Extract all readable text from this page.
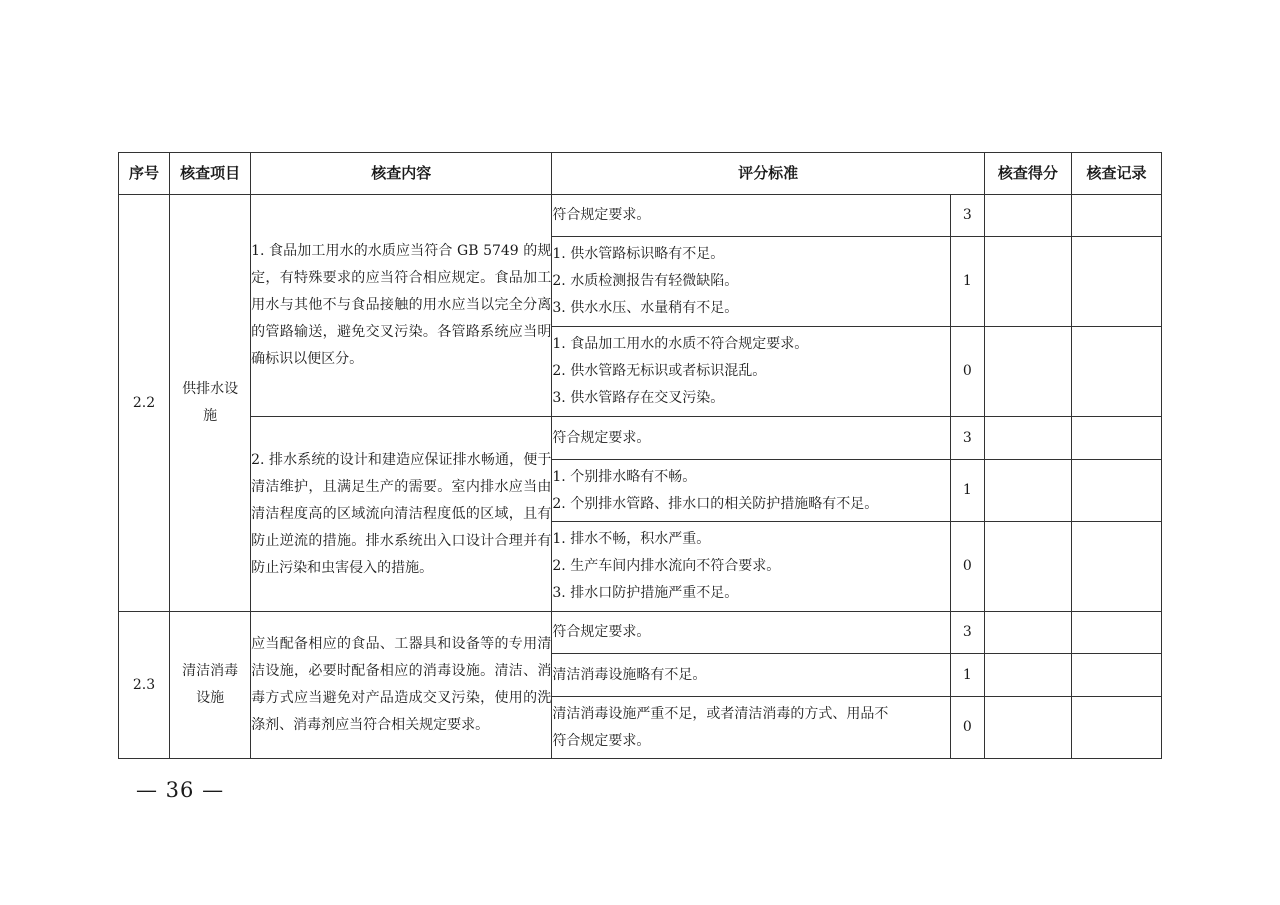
序号	核查项目	核查内容	评分标准		核查得分	核查记录
2.2	供排水设施	1. 食品加工用水的水质应当符合 GB 5749 的规定，有特殊要求的应当符合相应规定。食品加工用水与其他不与食品接触的用水应当以完全分离的管路输送，避免交叉污染。各管路系统应当明确标识以便区分。	符合规定要求。	3		

			1. 供水管路标识略有不足。
2. 水质检测报告有轻微缺陷。
3. 供水水压、水量稍有不足。	1		

			1. 食品加工用水的水质不符合规定要求。
2. 供水管路无标识或者标识混乱。
3. 供水管路存在交叉污染。	0		
		2. 排水系统的设计和建造应保证排水畅通，便于清洁维护，且满足生产的需要。室内排水应当由清洁程度高的区域流向清洁程度低的区域，且有防止逆流的措施。排水系统出入口设计合理并有防止污染和虫害侵入的措施。	符合规定要求。	3		

			1. 个别排水略有不畅。
2. 个别排水管路、排水口的相关防护措施略有不足。	1		

			1. 排水不畅，积水严重。
2. 生产车间内排水流向不符合要求。
3. 排水口防护措施严重不足。	0		
2.3	清洁消毒设施	应当配备相应的食品、工器具和设备等的专用清洁设施，必要时配备相应的消毒设施。清洁、消毒方式应当避免对产品造成交叉污染，使用的洗涤剂、消毒剂应当符合相关规定要求。	符合规定要求。	3		

			清洁消毒设施略有不足。	1		

			清洁消毒设施严重不足，或者清洁消毒的方式、用品不
符合规定要求。	0		
— 36 —
